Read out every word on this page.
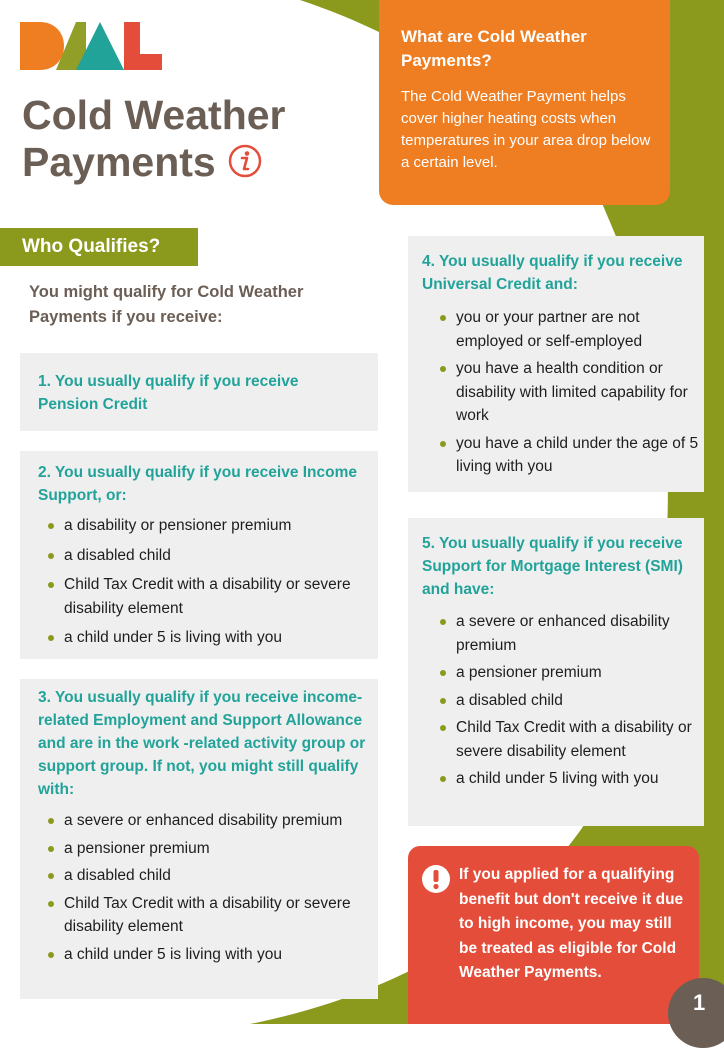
Cold Weather
Payments
What are Cold Weather Payments?

The Cold Weather Payment helps cover higher heating costs when temperatures in your area drop below a certain level.

Who Qualifies?

You might qualify for Cold Weather Payments if you receive:

1. You usually qualify if you receive Pension Credit

2. You usually qualify if you receive Income Support, or:

a disability or pensioner premium
a disabled child
Child Tax Credit with a disability or severe disability element
a child under 5 is living with you

3. You usually qualify if you receive income-related Employment and Support Allowance and are in the work -related activity group or support group. If not, you might still qualify with:

a severe or enhanced disability premium
a pensioner premium
a disabled child
Child Tax Credit with a disability or severe disability element
a child under 5 is living with you

4. You usually qualify if you receive Universal Credit and:

you or your partner are not employed or self-employed
you have a health condition or disability with limited capability for work
you have a child under the age of 5 living with you

5. You usually qualify if you receive Support for Mortgage Interest (SMI) and have:

a severe or enhanced disability premium
a pensioner premium
a disabled child
Child Tax Credit with a disability or severe disability element
a child under 5 living with you

If you applied for a qualifying benefit but don't receive it due to high income, you may still be treated as eligible for Cold Weather Payments.

1
